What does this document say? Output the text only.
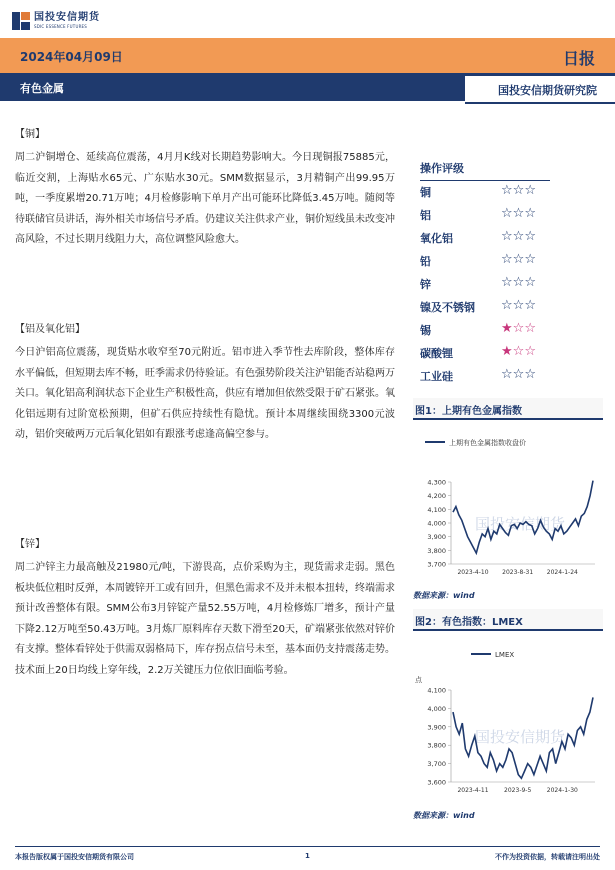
国投安信期货
SDIC ESSENCE FUTURES
2024年04月09日	日报
有色金属	国投安信期货研究院
【铜】
周二沪铜增仓、延续高位震荡，4月月K线对长期趋势影响大。今日现铜报75885元，临近交割，上海贴水65元、广东贴水30元。SMM数据显示，3月精铜产出99.95万吨，一季度累增20.71万吨；4月检修影响下单月产出可能环比降低3.45万吨。随阅等待联储官员讲话，海外相关市场信号矛盾。仍建议关注供求产业，铜价短线虽未改变冲高风险，不过长期月线阻力大，高位调整风险愈大。
【铝及氧化铝】
今日沪铝高位震荡，现货贴水收窄至70元附近。铝市进入季节性去库阶段，整体库存水平偏低，但短期去库不畅，旺季需求仍待验证。有色强势阶段关注沪铝能否站稳两万关口。氧化铝高利润状态下企业生产积极性高，供应有增加但依然受限于矿石紧张。氧化铝远期有过阶宽松预期，但矿石供应持续性有隐忧。预计本周继续围绕3300元波动，铝价突破两万元后氧化铝如有跟涨考虑逢高偏空参与。
【锌】
周二沪锌主力最高触及21980元/吨，下游畏高，点价采购为主，现货需求走弱。黑色板块低位粗时反弹，本周镀锌开工或有回升，但黑色需求不及并未根本扭转，终端需求预计改善整体有限。SMM公布3月锌锭产量52.55万吨，4月检修炼厂增多，预计产量下降2.12万吨至50.43万吨。3月炼厂原料库存天数下滑至20天，矿端紧张依然对锌价有支撑。整体看锌处于供需双弱格局下，库存拐点信号未至，基本面仍支持震荡走势。技术面上20日均线上穿年线，2.2万关键压力位依旧面临考验。
操作评级
铜	☆☆☆
铝	☆☆☆
氧化铝	☆☆☆
铅	☆☆☆
锌	☆☆☆
镍及不锈钢 ☆☆☆
锡	★☆☆
碳酸锂	★☆☆
工业硅	☆☆☆
图1：上期有色金属指数
国投安信期货
上期有色金属指数收盘价
4,300
4,200
4,100
4,000
3,900
3,800
3,700
2023-4-10 2023-8-31 2024-1-24
数据来源：wind
图2：有色指数：LMEX
国投安信期货
LMEX
点
4,100
4,000
3,900
3,800
3,700
3,600
2023-4-11	2023-9-5	2024-1-30
数据来源：wind
本报告版权属于国投安信期货有限公司	1	不作为投资依据，转载请注明出处
